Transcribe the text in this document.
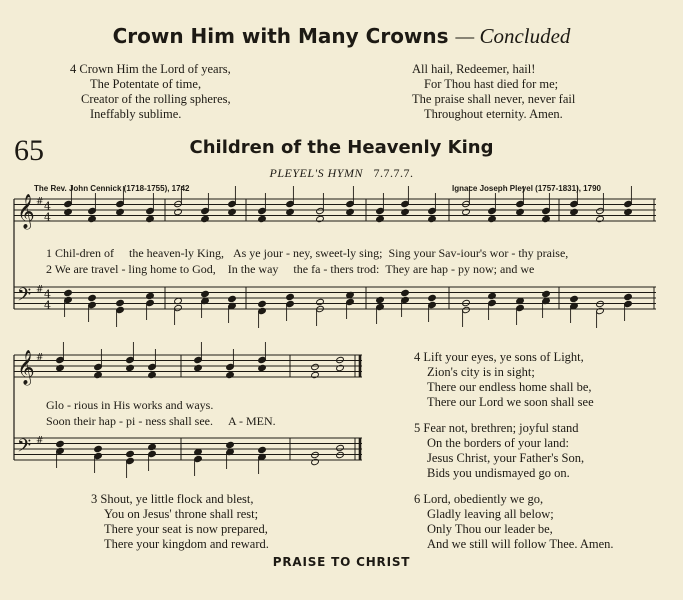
Crown Him with Many Crowns — Concluded
4 Crown Him the Lord of years,
The Potentate of time,
Creator of the rolling spheres,
Ineffably sublime.
All hail, Redeemer, hail!
For Thou hast died for me;
The praise shall never, never fail
Throughout eternity. Amen.
65	Children of the Heavenly King
PLEYEL'S HYMN 7.7.7.7.
The Rev. John Cennick (1718-1755), 1742	Ignace Joseph Pleyel (1757-1831), 1790
𝄞
𝄢
𝄞
𝄢
#
#
#
#
4
4
4
4
1 Chil-dren of the heaven-ly King, As ye jour - ney, sweet-ly sing; Sing your Sav-iour's wor - thy praise,
2 We are travel - ling home to God, In the way the fa - thers trod: They are hap - py now; and we
Glo - rious in His works and ways.
Soon their hap - pi - ness shall see. A - MEN.
4 Lift your eyes, ye sons of Light,
Zion's city is in sight;
There our endless home shall be,
There our Lord we soon shall see
5 Fear not, brethren; joyful stand
On the borders of your land:
Jesus Christ, your Father's Son,
Bids you undismayed go on.
3 Shout, ye little flock and blest,
You on Jesus' throne shall rest;
There your seat is now prepared,
There your kingdom and reward.
6 Lord, obediently we go,
Gladly leaving all below;
Only Thou our leader be,
And we still will follow Thee. Amen.
PRAISE TO CHRIST
